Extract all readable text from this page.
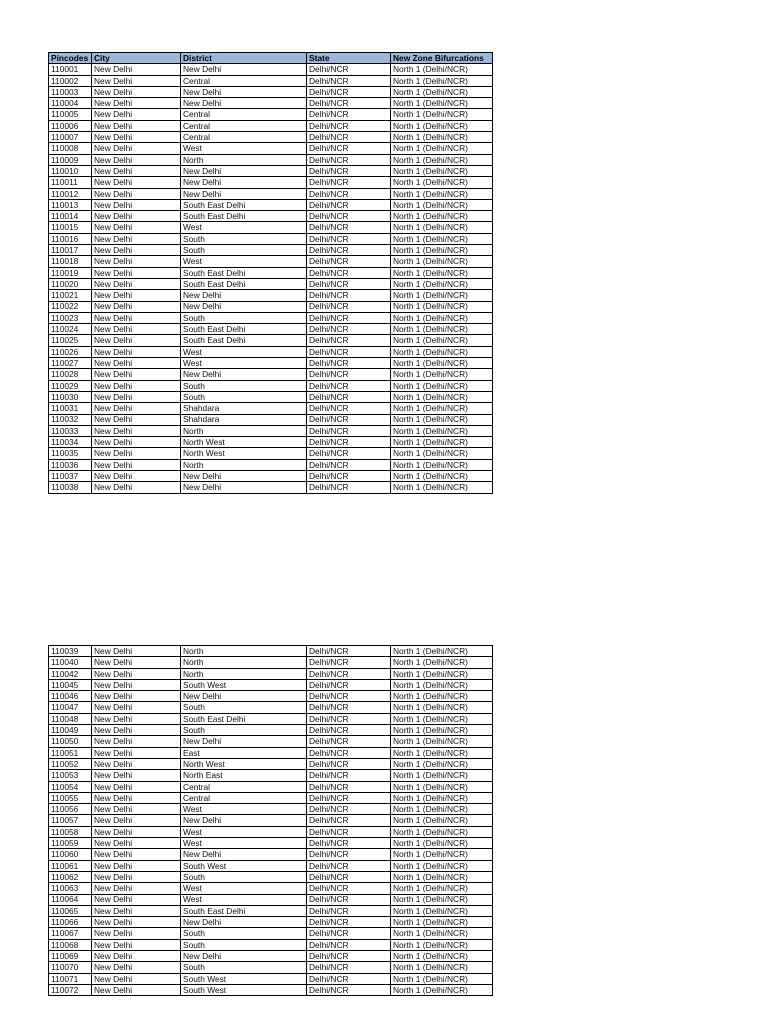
Pincodes	City	District	State	New Zone Bifurcations
110001	New Delhi	New Delhi	Delhi/NCR	North 1 (Delhi/NCR)
110002	New Delhi	Central	Delhi/NCR	North 1 (Delhi/NCR)
110003	New Delhi	New Delhi	Delhi/NCR	North 1 (Delhi/NCR)
110004	New Delhi	New Delhi	Delhi/NCR	North 1 (Delhi/NCR)
110005	New Delhi	Central	Delhi/NCR	North 1 (Delhi/NCR)
110006	New Delhi	Central	Delhi/NCR	North 1 (Delhi/NCR)
110007	New Delhi	Central	Delhi/NCR	North 1 (Delhi/NCR)
110008	New Delhi	West	Delhi/NCR	North 1 (Delhi/NCR)
110009	New Delhi	North	Delhi/NCR	North 1 (Delhi/NCR)
110010	New Delhi	New Delhi	Delhi/NCR	North 1 (Delhi/NCR)
110011	New Delhi	New Delhi	Delhi/NCR	North 1 (Delhi/NCR)
110012	New Delhi	New Delhi	Delhi/NCR	North 1 (Delhi/NCR)
110013	New Delhi	South East Delhi	Delhi/NCR	North 1 (Delhi/NCR)
110014	New Delhi	South East Delhi	Delhi/NCR	North 1 (Delhi/NCR)
110015	New Delhi	West	Delhi/NCR	North 1 (Delhi/NCR)
110016	New Delhi	South	Delhi/NCR	North 1 (Delhi/NCR)
110017	New Delhi	South	Delhi/NCR	North 1 (Delhi/NCR)
110018	New Delhi	West	Delhi/NCR	North 1 (Delhi/NCR)
110019	New Delhi	South East Delhi	Delhi/NCR	North 1 (Delhi/NCR)
110020	New Delhi	South East Delhi	Delhi/NCR	North 1 (Delhi/NCR)
110021	New Delhi	New Delhi	Delhi/NCR	North 1 (Delhi/NCR)
110022	New Delhi	New Delhi	Delhi/NCR	North 1 (Delhi/NCR)
110023	New Delhi	South	Delhi/NCR	North 1 (Delhi/NCR)
110024	New Delhi	South East Delhi	Delhi/NCR	North 1 (Delhi/NCR)
110025	New Delhi	South East Delhi	Delhi/NCR	North 1 (Delhi/NCR)
110026	New Delhi	West	Delhi/NCR	North 1 (Delhi/NCR)
110027	New Delhi	West	Delhi/NCR	North 1 (Delhi/NCR)
110028	New Delhi	New Delhi	Delhi/NCR	North 1 (Delhi/NCR)
110029	New Delhi	South	Delhi/NCR	North 1 (Delhi/NCR)
110030	New Delhi	South	Delhi/NCR	North 1 (Delhi/NCR)
110031	New Delhi	Shahdara	Delhi/NCR	North 1 (Delhi/NCR)
110032	New Delhi	Shahdara	Delhi/NCR	North 1 (Delhi/NCR)
110033	New Delhi	North	Delhi/NCR	North 1 (Delhi/NCR)
110034	New Delhi	North West	Delhi/NCR	North 1 (Delhi/NCR)
110035	New Delhi	North West	Delhi/NCR	North 1 (Delhi/NCR)
110036	New Delhi	North	Delhi/NCR	North 1 (Delhi/NCR)
110037	New Delhi	New Delhi	Delhi/NCR	North 1 (Delhi/NCR)
110038	New Delhi	New Delhi	Delhi/NCR	North 1 (Delhi/NCR)
110039	New Delhi	North	Delhi/NCR	North 1 (Delhi/NCR)
110040	New Delhi	North	Delhi/NCR	North 1 (Delhi/NCR)
110042	New Delhi	North	Delhi/NCR	North 1 (Delhi/NCR)
110045	New Delhi	South West	Delhi/NCR	North 1 (Delhi/NCR)
110046	New Delhi	New Delhi	Delhi/NCR	North 1 (Delhi/NCR)
110047	New Delhi	South	Delhi/NCR	North 1 (Delhi/NCR)
110048	New Delhi	South East Delhi	Delhi/NCR	North 1 (Delhi/NCR)
110049	New Delhi	South	Delhi/NCR	North 1 (Delhi/NCR)
110050	New Delhi	New Delhi	Delhi/NCR	North 1 (Delhi/NCR)
110051	New Delhi	East	Delhi/NCR	North 1 (Delhi/NCR)
110052	New Delhi	North West	Delhi/NCR	North 1 (Delhi/NCR)
110053	New Delhi	North East	Delhi/NCR	North 1 (Delhi/NCR)
110054	New Delhi	Central	Delhi/NCR	North 1 (Delhi/NCR)
110055	New Delhi	Central	Delhi/NCR	North 1 (Delhi/NCR)
110056	New Delhi	West	Delhi/NCR	North 1 (Delhi/NCR)
110057	New Delhi	New Delhi	Delhi/NCR	North 1 (Delhi/NCR)
110058	New Delhi	West	Delhi/NCR	North 1 (Delhi/NCR)
110059	New Delhi	West	Delhi/NCR	North 1 (Delhi/NCR)
110060	New Delhi	New Delhi	Delhi/NCR	North 1 (Delhi/NCR)
110061	New Delhi	South West	Delhi/NCR	North 1 (Delhi/NCR)
110062	New Delhi	South	Delhi/NCR	North 1 (Delhi/NCR)
110063	New Delhi	West	Delhi/NCR	North 1 (Delhi/NCR)
110064	New Delhi	West	Delhi/NCR	North 1 (Delhi/NCR)
110065	New Delhi	South East Delhi	Delhi/NCR	North 1 (Delhi/NCR)
110066	New Delhi	New Delhi	Delhi/NCR	North 1 (Delhi/NCR)
110067	New Delhi	South	Delhi/NCR	North 1 (Delhi/NCR)
110068	New Delhi	South	Delhi/NCR	North 1 (Delhi/NCR)
110069	New Delhi	New Delhi	Delhi/NCR	North 1 (Delhi/NCR)
110070	New Delhi	South	Delhi/NCR	North 1 (Delhi/NCR)
110071	New Delhi	South West	Delhi/NCR	North 1 (Delhi/NCR)
110072	New Delhi	South West	Delhi/NCR	North 1 (Delhi/NCR)
